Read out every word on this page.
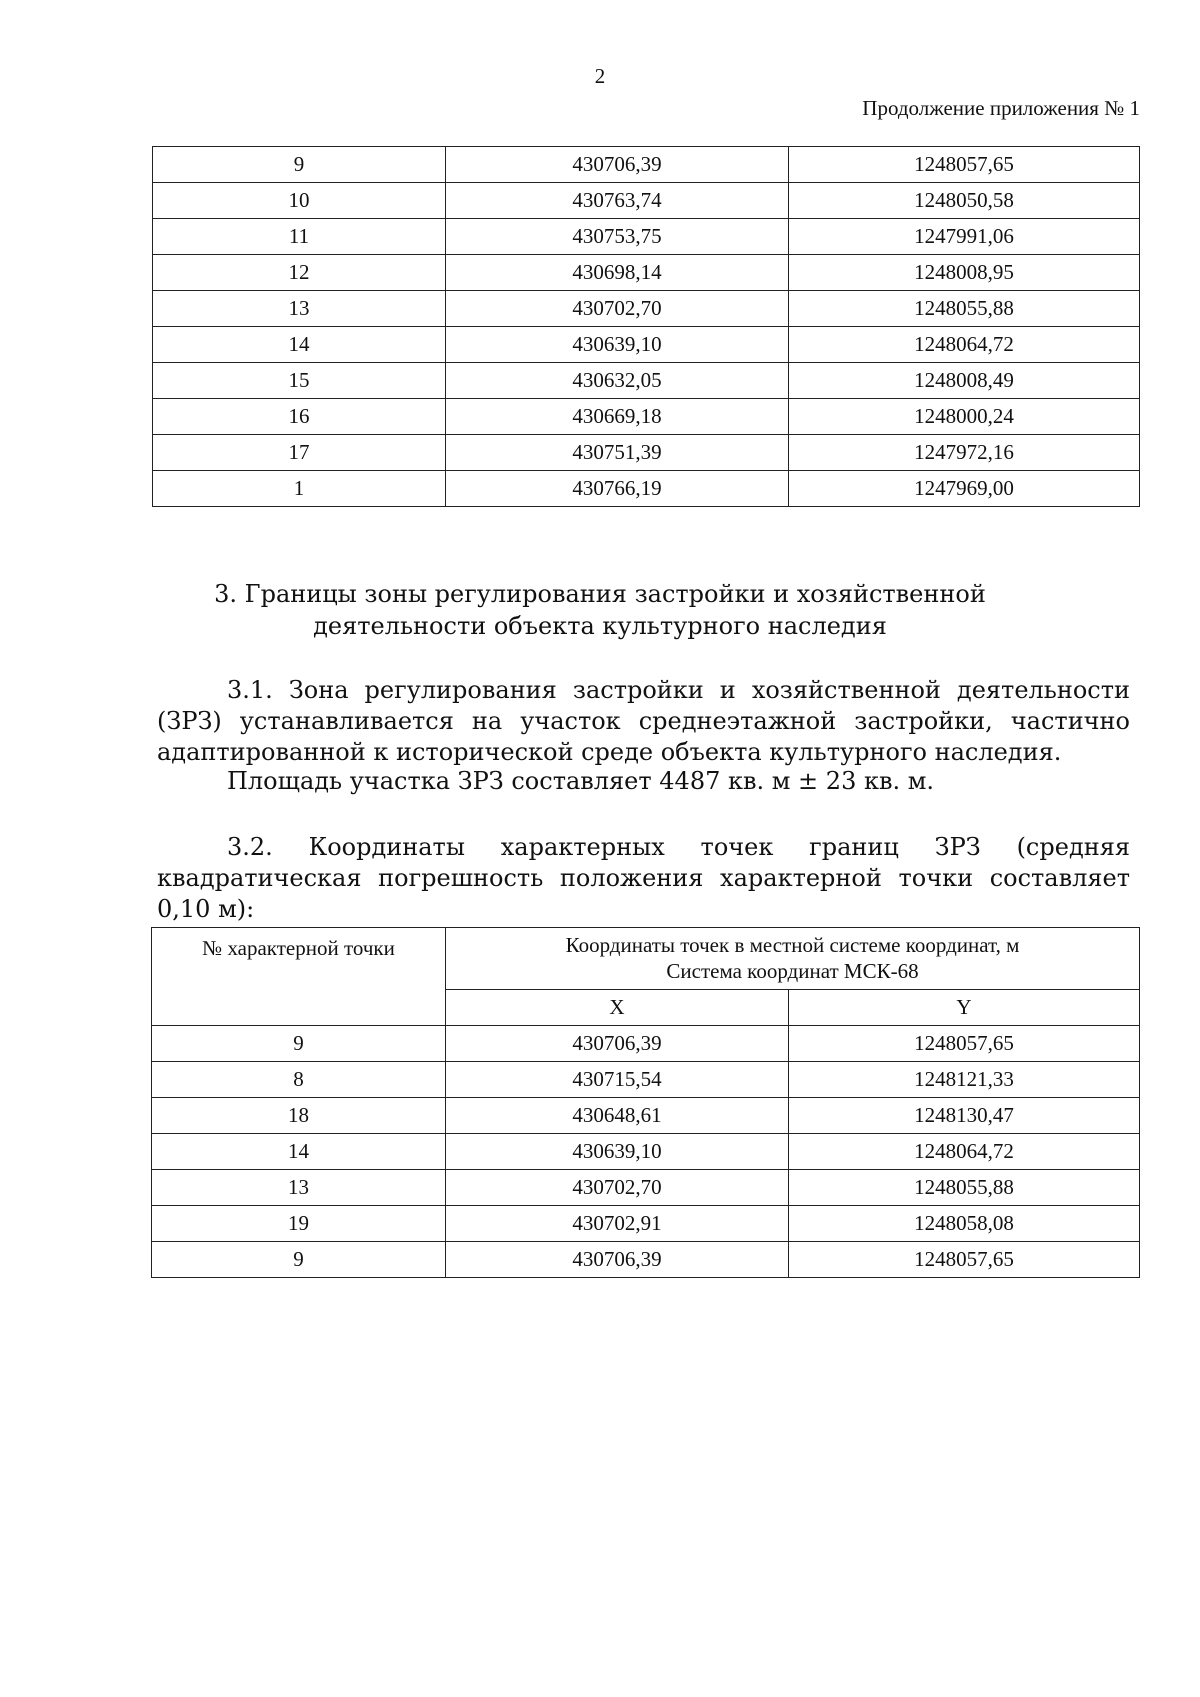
2
Продолжение приложения № 1
9	430706,39	1248057,65
10	430763,74	1248050,58
11	430753,75	1247991,06
12	430698,14	1248008,95
13	430702,70	1248055,88
14	430639,10	1248064,72
15	430632,05	1248008,49
16	430669,18	1248000,24
17	430751,39	1247972,16
1	430766,19	1247969,00
3. Границы зоны регулирования застройки и хозяйственной
деятельности объекта культурного наследия
3.1. Зона регулирования застройки и хозяйственной деятельности (ЗРЗ) устанавливается на участок среднеэтажной застройки, частично адаптированной к исторической среде объекта культурного наследия.
Площадь участка ЗРЗ составляет 4487 кв. м ± 23 кв. м.
3.2. Координаты характерных точек границ ЗРЗ (средняя квадратическая погрешность положения характерной точки составляет 0,10 м):
№ характерной точки	Координаты точек в местной системе координат, м
Система координат МСК-68	

	X	Y
9	430706,39	1248057,65
8	430715,54	1248121,33
18	430648,61	1248130,47
14	430639,10	1248064,72
13	430702,70	1248055,88
19	430702,91	1248058,08
9	430706,39	1248057,65
